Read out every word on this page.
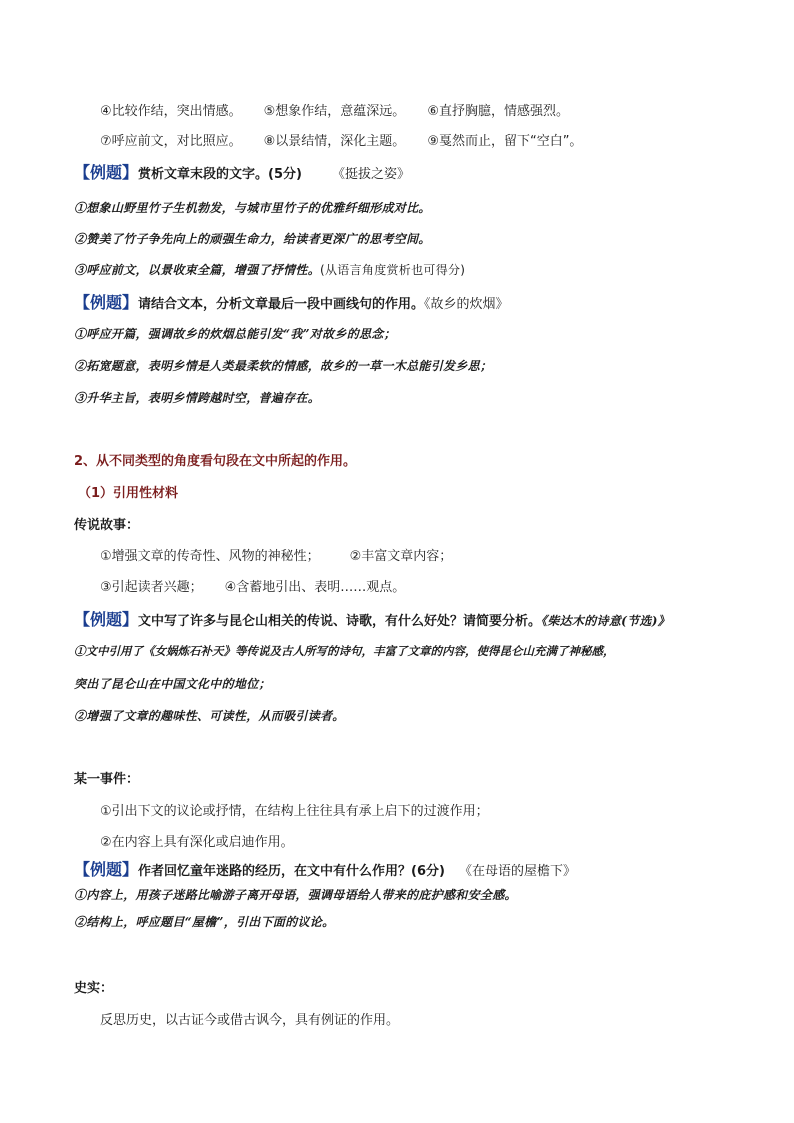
④比较作结，突出情感。 ⑤想象作结，意蕴深远。 ⑥直抒胸臆，情感强烈。
⑦呼应前文，对比照应。 ⑧以景结情，深化主题。 ⑨戛然而止，留下“空白”。
【例题】赏析文章末段的文字。(5分) 《挺拔之姿》
①想象山野里竹子生机勃发，与城市里竹子的优雅纤细形成对比。
②赞美了竹子争先向上的顽强生命力，给读者更深广的思考空间。
③呼应前文，以景收束全篇，增强了抒情性。(从语言角度赏析也可得分)
【例题】请结合文本，分析文章最后一段中画线句的作用。《故乡的炊烟》
①呼应开篇，强调故乡的炊烟总能引发“我”对故乡的思念；
②拓宽题意，表明乡情是人类最柔软的情感，故乡的一草一木总能引发乡思；
③升华主旨，表明乡情跨越时空，普遍存在。
2、从不同类型的角度看句段在文中所起的作用。
（1）引用性材料
传说故事：
①增强文章的传奇性、风物的神秘性； ②丰富文章内容；
③引起读者兴趣； ④含蓄地引出、表明……观点。
【例题】文中写了许多与昆仑山相关的传说、诗歌，有什么好处？请简要分析。《柴达木的诗意(节选)》
①文中引用了《女娲炼石补天》等传说及古人所写的诗句，丰富了文章的内容，使得昆仑山充满了神秘感，
突出了昆仑山在中国文化中的地位；
②增强了文章的趣味性、可读性，从而吸引读者。
某一事件：
①引出下文的议论或抒情，在结构上往往具有承上启下的过渡作用；
②在内容上具有深化或启迪作用。
【例题】作者回忆童年迷路的经历，在文中有什么作用？(6分) 《在母语的屋檐下》
①内容上，用孩子迷路比喻游子离开母语，强调母语给人带来的庇护感和安全感。
②结构上，呼应题目“屋檐”，引出下面的议论。
史实：
反思历史，以古证今或借古讽今，具有例证的作用。
